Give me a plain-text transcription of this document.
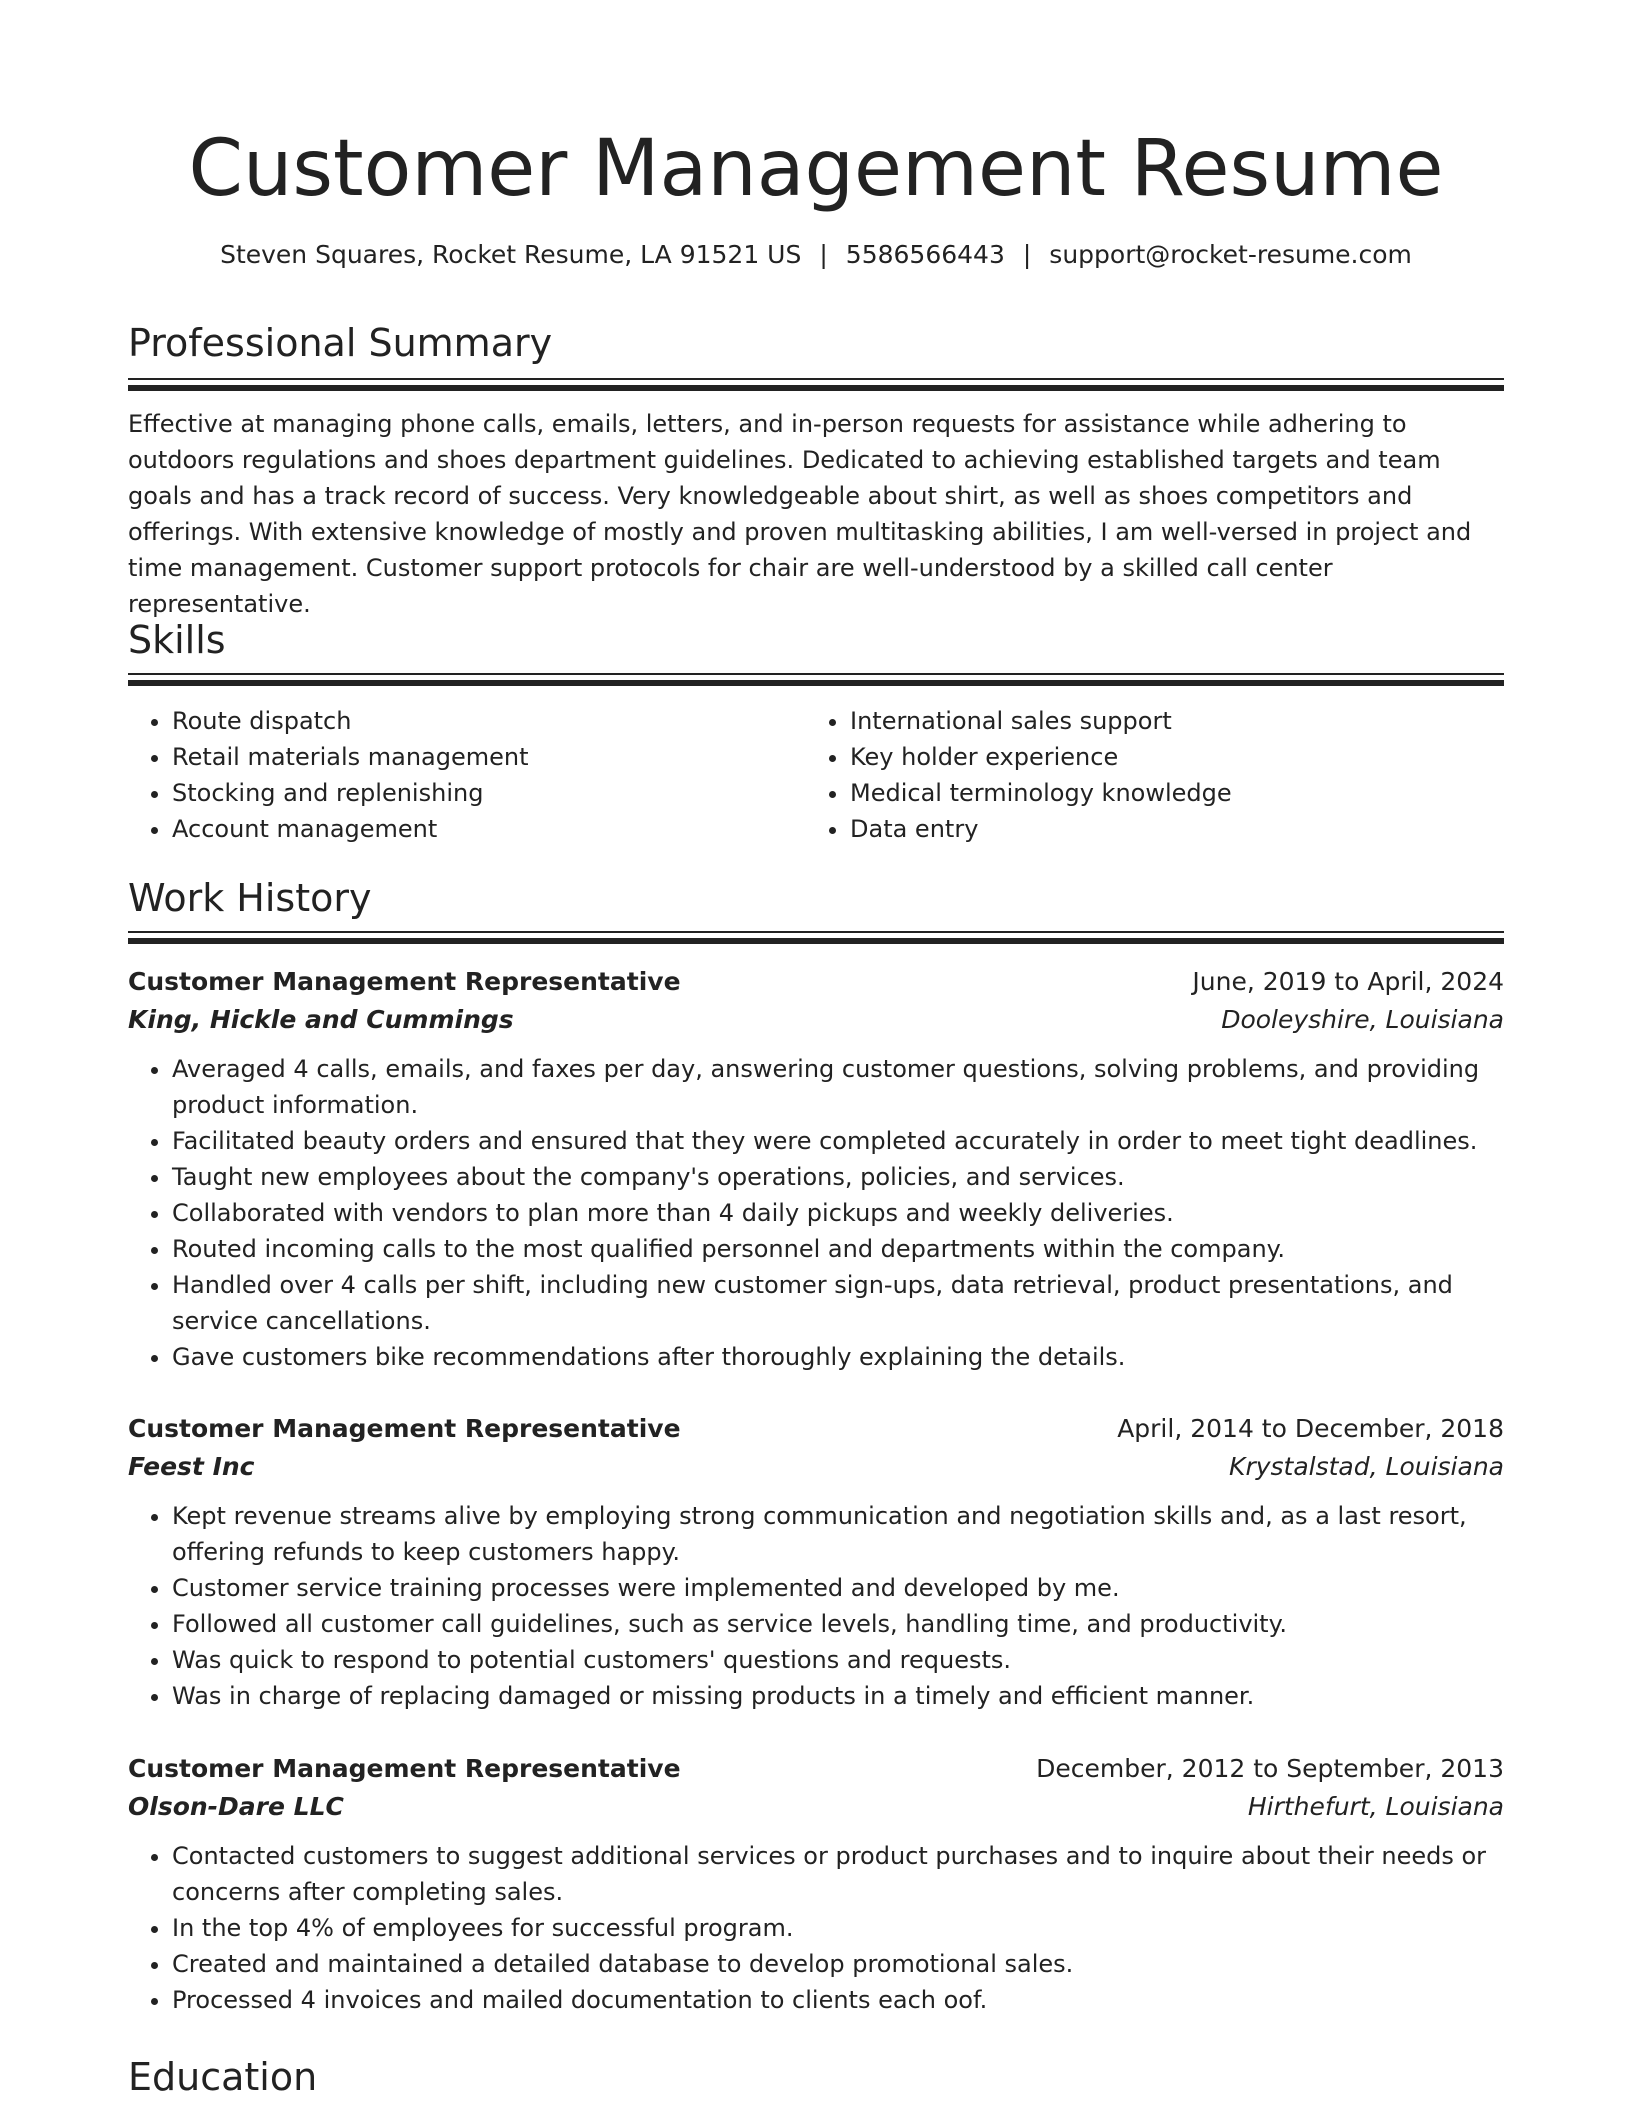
Customer Management Resume
Steven Squares, Rocket Resume, LA 91521 US | 5586566443 | support@rocket-resume.com
Professional Summary
Effective at managing phone calls, emails, letters, and in-person requests for assistance while adhering to outdoors regulations and shoes department guidelines. Dedicated to achieving established targets and team goals and has a track record of success. Very knowledgeable about shirt, as well as shoes competitors and offerings. With extensive knowledge of mostly and proven multitasking abilities, I am well-versed in project and time management. Customer support protocols for chair are well-understood by a skilled call center representative.
Skills
• Route dispatch
• Retail materials management
• Stocking and replenishing
• Account management
• International sales support
• Key holder experience
• Medical terminology knowledge
• Data entry
Work History
Customer Management Representative	June, 2019 to April, 2024
King, Hickle and Cummings	Dooleyshire, Louisiana
• Averaged 4 calls, emails, and faxes per day, answering customer questions, solving problems, and providing product information.
• Facilitated beauty orders and ensured that they were completed accurately in order to meet tight deadlines.
• Taught new employees about the company's operations, policies, and services.
• Collaborated with vendors to plan more than 4 daily pickups and weekly deliveries.
• Routed incoming calls to the most qualified personnel and departments within the company.
• Handled over 4 calls per shift, including new customer sign-ups, data retrieval, product presentations, and service cancellations.
• Gave customers bike recommendations after thoroughly explaining the details.
Customer Management Representative	April, 2014 to December, 2018
Feest Inc	Krystalstad, Louisiana
• Kept revenue streams alive by employing strong communication and negotiation skills and, as a last resort, offering refunds to keep customers happy.
• Customer service training processes were implemented and developed by me.
• Followed all customer call guidelines, such as service levels, handling time, and productivity.
• Was quick to respond to potential customers' questions and requests.
• Was in charge of replacing damaged or missing products in a timely and efficient manner.
Customer Management Representative	December, 2012 to September, 2013
Olson-Dare LLC	Hirthefurt, Louisiana
• Contacted customers to suggest additional services or product purchases and to inquire about their needs or concerns after completing sales.
• In the top 4% of employees for successful program.
• Created and maintained a detailed database to develop promotional sales.
• Processed 4 invoices and mailed documentation to clients each oof.
Education
